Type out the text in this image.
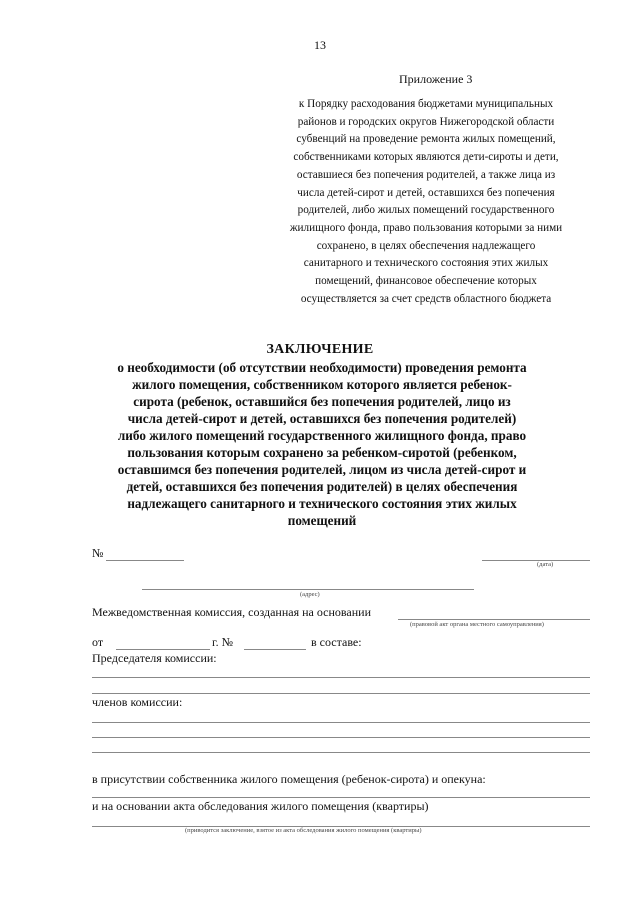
13
Приложение 3
к Порядку расходования бюджетами муниципальных
районов и городских округов Нижегородской области
субвенций на проведение ремонта жилых помещений,
собственниками которых являются дети-сироты и дети,
оставшиеся без попечения родителей, а также лица из
числа детей-сирот и детей, оставшихся без попечения
родителей, либо жилых помещений государственного
жилищного фонда, право пользования которыми за ними
сохранено, в целях обеспечения надлежащего
санитарного и технического состояния этих жилых
помещений, финансовое обеспечение которых
осуществляется за счет средств областного бюджета
ЗАКЛЮЧЕНИЕ
о необходимости (об отсутствии необходимости) проведения ремонта
жилого помещения, собственником которого является ребенок-
сирота (ребенок, оставшийся без попечения родителей, лицо из
числа детей-сирот и детей, оставшихся без попечения родителей)
либо жилого помещений государственного жилищного фонда, право
пользования которым сохранено за ребенком-сиротой (ребенком,
оставшимся без попечения родителей, лицом из числа детей-сирот и
детей, оставшихся без попечения родителей) в целях обеспечения
надлежащего санитарного и технического состояния этих жилых
помещений
№
(дата)
(адрес)
Межведомственная комиссия, созданная на основании
(правовой акт органа местного самоуправления)
от	г. №	в составе:
Председателя комиссии:
членов комиссии:
в присутствии собственника жилого помещения (ребенок-сирота) и опекуна:
и на основании акта обследования жилого помещения (квартиры)
(приводится заключение, взятое из акта обследования жилого помещения (квартиры)
